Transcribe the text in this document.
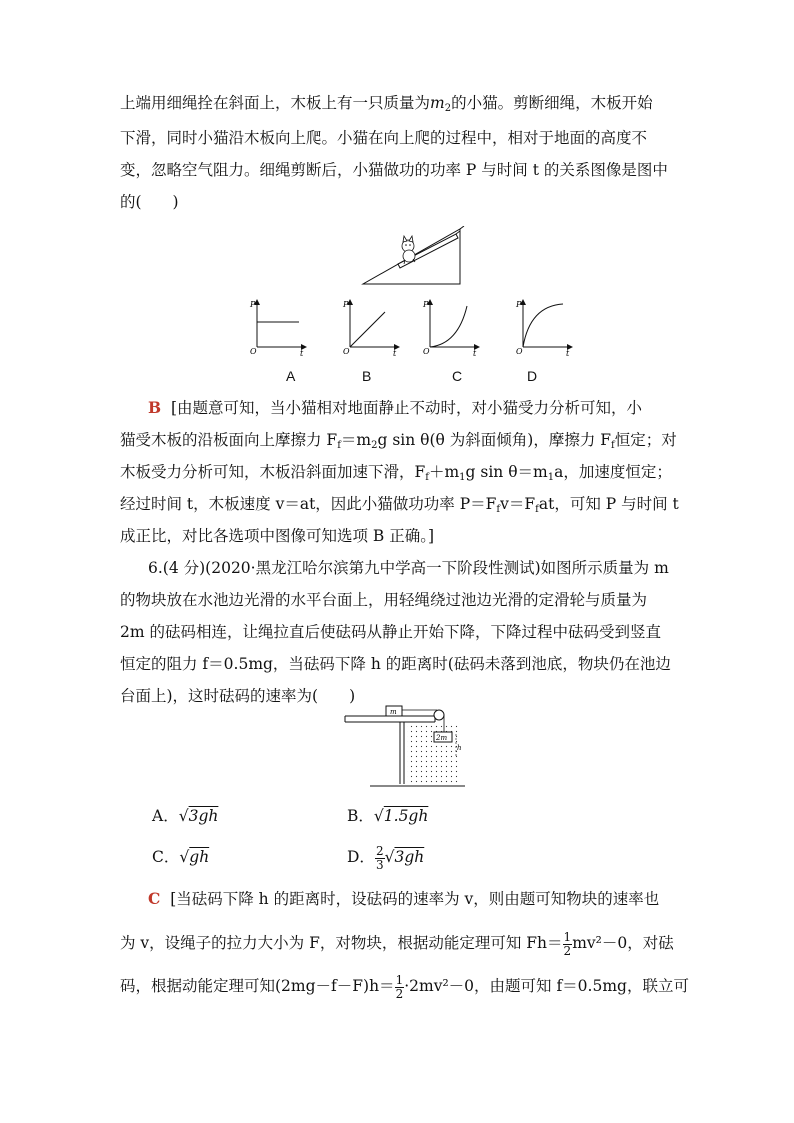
上端用细绳拴在斜面上，木板上有一只质量为$m_2$的小猫。剪断细绳，木板开始
下滑，同时小猫沿木板向上爬。小猫在向上爬的过程中，相对于地面的高度不
变，忽略空气阻力。细绳剪断后，小猫做功的功率 P 与时间 t 的关系图像是图中
的(　　)
P
O	t
P
O	t
P
O	t
P
O	t
A	B	C	D
B [由题意可知，当小猫相对地面静止不动时，对小猫受力分析可知，小
猫受木板的沿板面向上摩擦力 $F_f=m_2g$ sin θ(θ 为斜面倾角)，摩擦力 $F_f$恒定；对
木板受力分析可知，木板沿斜面加速下滑，$F_f+m_1g$ $\sin \theta=m_1a$，加速度恒定；
经过时间 t，木板速度 v＝at，因此小猫做功功率 $P=F_fv=F_fat$，可知 P 与时间 t
成正比，对比各选项中图像可知选项 B 正确。]
6.(4 分)(2020·黑龙江哈尔滨第九中学高一下阶段性测试)如图所示质量为 m
的物块放在水池边光滑的水平台面上，用轻绳绕过池边光滑的定滑轮与质量为
2m 的砝码相连，让绳拉直后使砝码从静止开始下降，下降过程中砝码受到竖直
恒定的阻力 f＝0.5mg，当砝码下降 h 的距离时(砝码未落到池底，物块仍在池边
台面上)，这时砝码的速率为(　　)
m
2m
h
A．√3gh	B．√1.5gh
C．√gh	D． $\frac{2}{3} √3gh$
C [当砝码下降 h 的距离时，设砝码的速率为 v，则由题可知物块的速率也
为 v，设绳子的拉力大小为 F，对物块，根据动能定理可知 $Fh= \frac{1}{2} mv^2-0$，对砝
码，根据动能定理可知$(2mg-f-F)h= \frac{1}{2} \cdot 2mv^2-0$，由题可知 f＝0.5mg，联立可
